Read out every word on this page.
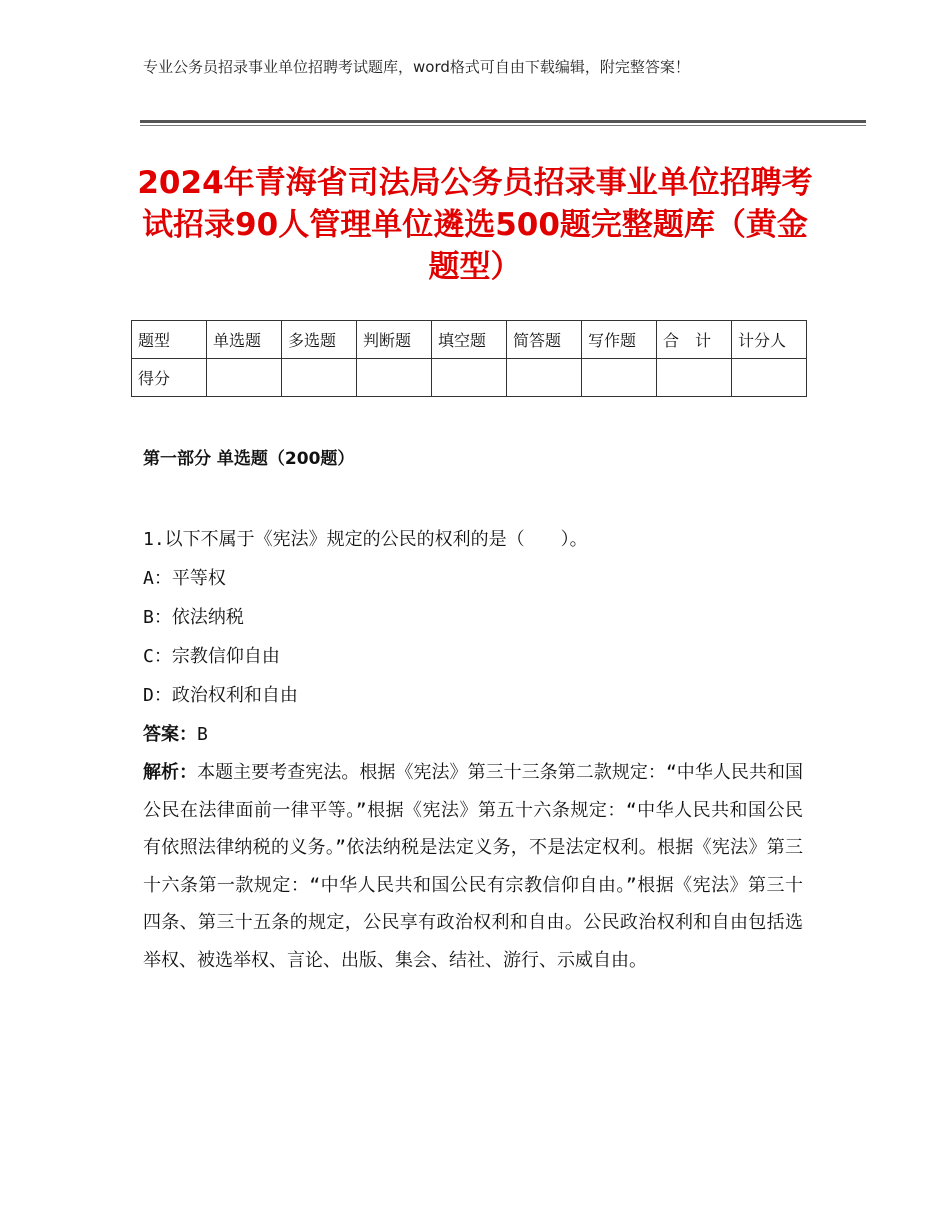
专业公务员招录事业单位招聘考试题库，word格式可自由下载编辑，附完整答案！
2024年青海省司法局公务员招录事业单位招聘考试招录90人管理单位遴选500题完整题库（黄金题型）
题型	单选题	多选题	判断题	填空题	简答题	写作题	合　计	计分人
得分								
第一部分 单选题（200题）
1.以下不属于《宪法》规定的公民的权利的是（　　）。
A：平等权
B：依法纳税
C：宗教信仰自由
D：政治权利和自由
答案：B
解析：本题主要考查宪法。根据《宪法》第三十三条第二款规定：“中华人民共和国公民在法律面前一律平等。”根据《宪法》第五十六条规定：“中华人民共和国公民有依照法律纳税的义务。”依法纳税是法定义务，不是法定权利。根据《宪法》第三十六条第一款规定：“中华人民共和国公民有宗教信仰自由。”根据《宪法》第三十四条、第三十五条的规定，公民享有政治权利和自由。公民政治权利和自由包括选举权、被选举权、言论、出版、集会、结社、游行、示威自由。
